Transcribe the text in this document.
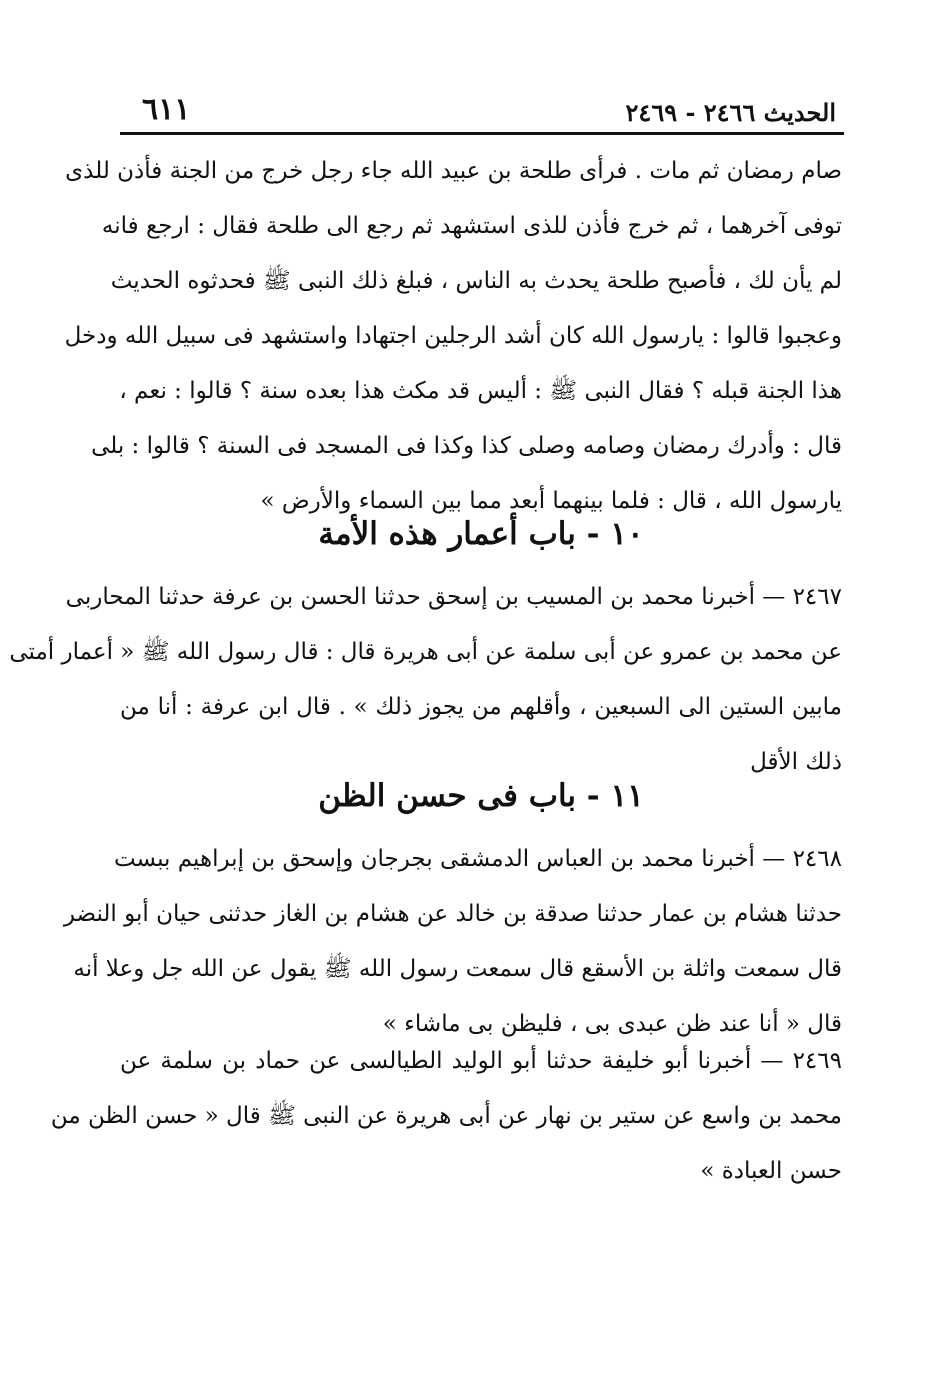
الحديث ٢٤٦٦ - ٢٤٦٩
٦١١
صام رمضان ثم مات . فرأى طلحة بن عبيد الله جاء رجل خرج من الجنة فأذن للذى
توفى آخرهما ، ثم خرج فأذن للذى استشهد ثم رجع الى طلحة فقال : ارجع فانه
لم يأن لك ، فأصبح طلحة يحدث به الناس ، فبلغ ذلك النبى ﷺ فحدثوه الحديث
وعجبوا قالوا : يارسول الله كان أشد الرجلين اجتهادا واستشهد فى سبيل الله ودخل
هذا الجنة قبله ؟ فقال النبى ﷺ : أليس قد مكث هذا بعده سنة ؟ قالوا : نعم ،
قال : وأدرك رمضان وصامه وصلى كذا وكذا فى المسجد فى السنة ؟ قالوا : بلى
يارسول الله ، قال : فلما بينهما أبعد مما بين السماء والأرض »
١٠ - باب أعمار هذه الأمة
٢٤٦٧ — أخبرنا محمد بن المسيب بن إسحق حدثنا الحسن بن عرفة حدثنا المحاربى
عن محمد بن عمرو عن أبى سلمة عن أبى هريرة قال : قال رسول الله ﷺ « أعمار أمتى
مابين الستين الى السبعين ، وأقلهم من يجوز ذلك » . قال ابن عرفة : أنا من
ذلك الأقل
١١ - باب فى حسن الظن
٢٤٦٨ — أخبرنا محمد بن العباس الدمشقى بجرجان وإسحق بن إبراهيم ببست
حدثنا هشام بن عمار حدثنا صدقة بن خالد عن هشام بن الغاز حدثنى حيان أبو النضر
قال سمعت واثلة بن الأسقع قال سمعت رسول الله ﷺ يقول عن الله جل وعلا أنه
قال « أنا عند ظن عبدى بى ، فليظن بى ماشاء »
٢٤٦٩ — أخبرنا أبو خليفة حدثنا أبو الوليد الطيالسى عن حماد بن سلمة عن
محمد بن واسع عن ستير بن نهار عن أبى هريرة عن النبى ﷺ قال « حسن الظن من
حسن العبادة »
